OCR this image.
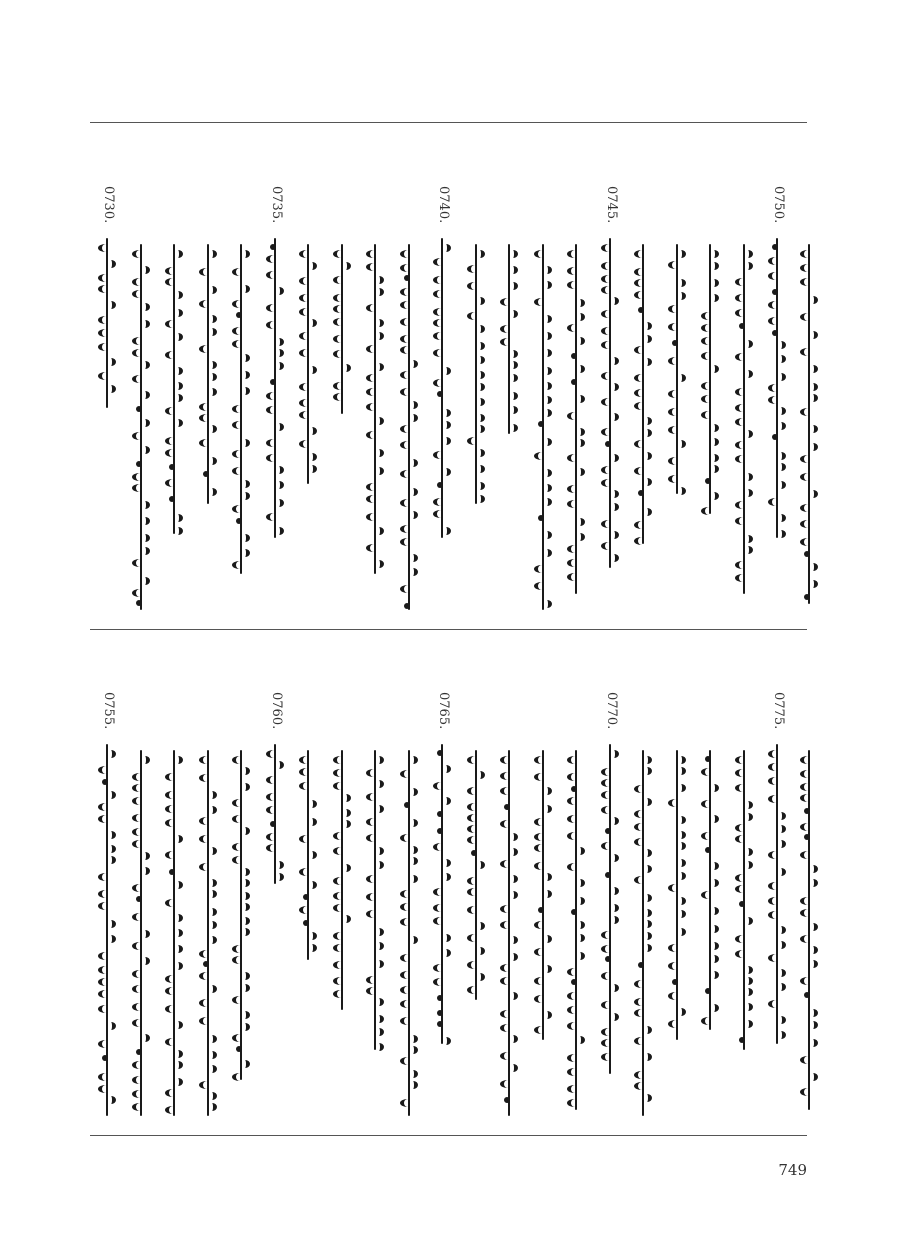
0730.	0735.	0740.	0745.	0750.
0755.	0760.	0765.	0770.	0775.
749
